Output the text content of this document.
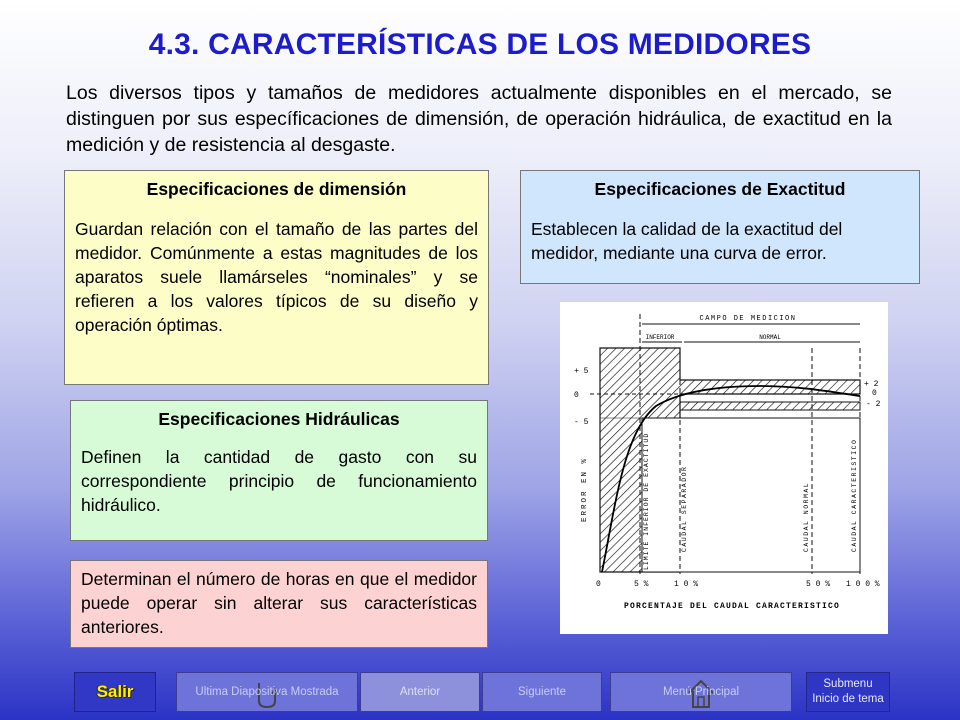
4.3. CARACTERÍSTICAS DE LOS MEDIDORES
Los diversos tipos y tamaños de medidores actualmente disponibles en el mercado, se distinguen por sus específicaciones de dimensión, de operación hidráulica, de exactitud en la medición y de resistencia al desgaste.
Especificaciones de dimensión
Guardan relación con el tamaño de las partes del medidor. Comúnmente a estas magnitudes de los aparatos suele llamárseles “nominales” y se refieren a los valores típicos de su diseño y operación óptimas.
Especificaciones de Exactitud
Establecen la calidad de la exactitud del medidor, mediante una curva de error.
Especificaciones Hidráulicas
Definen la cantidad de gasto con su correspondiente principio de funcionamiento hidráulico.
Determinan el número de horas en que el medidor puede operar sin alterar sus características anteriores.
CAMPO DE MEDICION
INFERIOR	NORMAL
+ 5
0
- 5
+ 2
0
- 2
ERROR EN %	LIMITE INFERIOR DE EXACTITUD	CAUDAL SEPARADOR	CAUDAL NORMAL	CAUDAL CARACTERISTICO
0	5 %	1 0 %	5 0 % 1 0 0 %
PORCENTAJE DEL CAUDAL CARACTERISTICO
Salir	Ultima Diapositiva Mostrada	Anterior	Siguiente	Menú Principal
Submenu
Inicio de tema
